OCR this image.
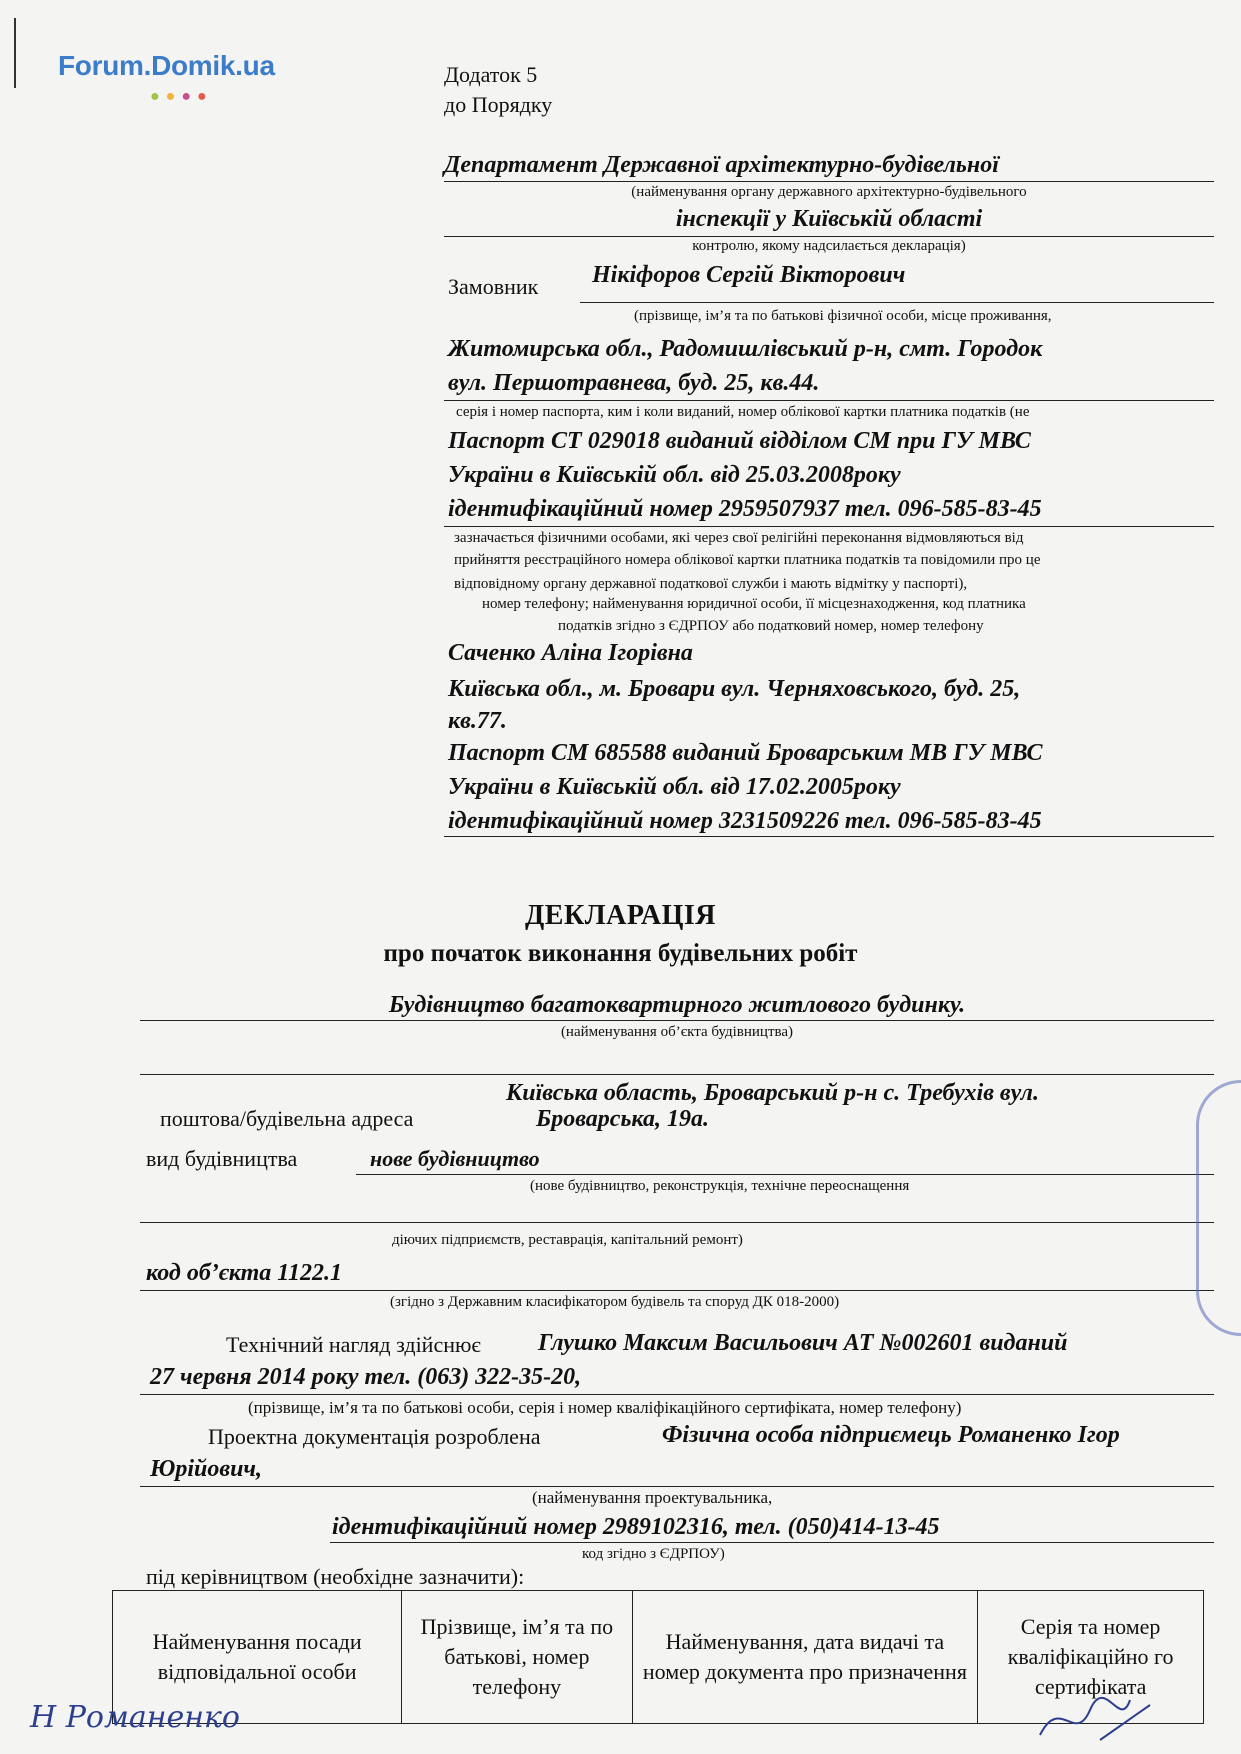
Forum.Domik.ua
●●●●
Додаток 5
до Порядку
Департамент Державної архітектурно-будівельної
(найменування органу державного архітектурно-будівельного
інспекції у Київській області
контролю, якому надсилається декларація)
Замовник Нікіфоров Сергій Вікторович
(прізвище, ім’я та по батькові фізичної особи, місце проживання,
Житомирська обл., Радомишлівський р-н, смт. Городок
вул. Першотравнева, буд. 25, кв.44.
серія і номер паспорта, ким і коли виданий, номер облікової картки платника податків (не
Паспорт СТ 029018 виданий відділом СМ при ГУ МВС
України в Київській обл. від 25.03.2008року
ідентифікаційний номер 2959507937 тел. 096-585-83-45
зазначається фізичними особами, які через свої релігійні переконання відмовляються від
прийняття реєстраційного номера облікової картки платника податків та повідомили про це
відповідному органу державної податкової служби і мають відмітку у паспорті),
номер телефону; найменування юридичної особи, її місцезнаходження, код платника
податків згідно з ЄДРПОУ або податковий номер, номер телефону
Саченко Аліна Ігорівна
Київська обл., м. Бровари вул. Черняховського, буд. 25,
кв.77.
Паспорт СМ 685588 виданий Броварським МВ ГУ МВС
України в Київській обл. від 17.02.2005року
ідентифікаційний номер 3231509226 тел. 096-585-83-45
ДЕКЛАРАЦІЯ
про початок виконання будівельних робіт
Будівництво багатоквартирного житлового будинку.
(найменування об’єкта будівництва)
Київська область, Броварський р-н с. Требухів вул.
поштова/будівельна адреса	Броварська, 19а.
вид будівництва	нове будівництво
(нове будівництво, реконструкція, технічне переоснащення
діючих підприємств, реставрація, капітальний ремонт)
код об’єкта 1122.1
(згідно з Державним класифікатором будівель та споруд ДК 018-2000)
Технічний нагляд здійснює Глушко Максим Васильович АТ №002601 виданий
27 червня 2014 року тел. (063) 322-35-20,
(прізвище, ім’я та по батькові особи, серія і номер кваліфікаційного сертифіката, номер телефону)
Проектна документація розроблена	Фізична особа підприємець Романенко Ігор
Юрійович,
(найменування проектувальника,
ідентифікаційний номер 2989102316, тел. (050)414-13-45
код згідно з ЄДРПОУ)
під керівництвом (необхідне зазначити):
Найменування посади відповідальної особи	Прізвище, ім’я та по батькові, номер телефону	Найменування, дата видачі та номер документа про призначення	Серія та номер кваліфікаційно го сертифіката
Н Романенко
